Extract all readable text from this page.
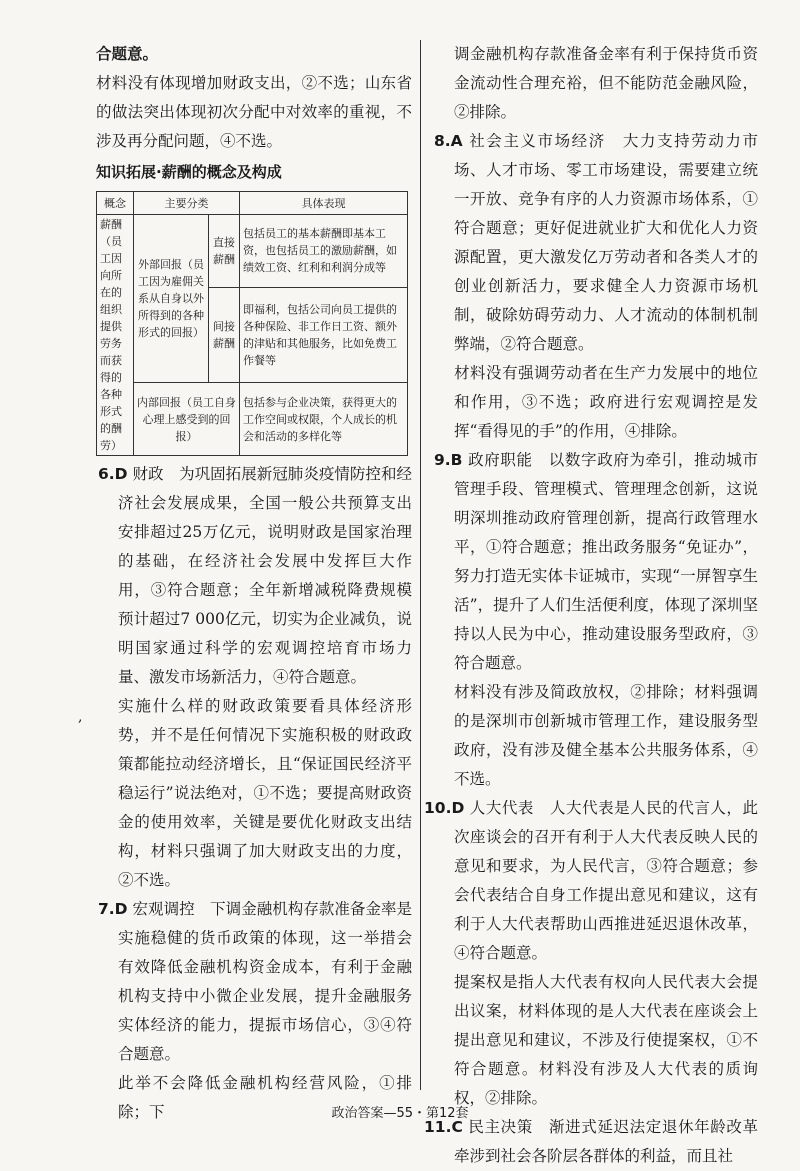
,

合题意。

材料没有体现增加财政支出，②不选；山东省的做法突出体现初次分配中对效率的重视，不涉及再分配问题，④不选。

知识拓展·薪酬的概念及构成
概念	主要分类		具体表现
薪酬（员工因向所在的组织提供劳务而获得的各种形式的酬劳）	外部回报（员工因为雇佣关系从自身以外所得到的各种形式的回报）	直接薪酬	包括员工的基本薪酬即基本工资，也包括员工的激励薪酬，如绩效工资、红利和利润分成等
		间接薪酬	即福利，包括公司向员工提供的各种保险、非工作日工资、额外的津贴和其他服务，比如免费工作餐等
	内部回报（员工自身心理上感受到的回报）		包括参与企业决策，获得更大的工作空间或权限，个人成长的机会和活动的多样化等

6.D 财政　为巩固拓展新冠肺炎疫情防控和经济社会发展成果，全国一般公共预算支出安排超过25万亿元，说明财政是国家治理的基础，在经济社会发展中发挥巨大作用，③符合题意；全年新增减税降费规模预计超过7 000亿元，切实为企业减负，说明国家通过科学的宏观调控培育市场力量、激发市场新活力，④符合题意。

实施什么样的财政政策要看具体经济形势，并不是任何情况下实施积极的财政政策都能拉动经济增长，且“保证国民经济平稳运行”说法绝对，①不选；要提高财政资金的使用效率，关键是要优化财政支出结构，材料只强调了加大财政支出的力度，②不选。

7.D 宏观调控　下调金融机构存款准备金率是实施稳健的货币政策的体现，这一举措会有效降低金融机构资金成本，有利于金融机构支持中小微企业发展，提升金融服务实体经济的能力，提振市场信心，③④符合题意。

此举不会降低金融机构经营风险，①排除；下

调金融机构存款准备金率有利于保持货币资金流动性合理充裕，但不能防范金融风险，②排除。

8.A 社会主义市场经济　大力支持劳动力市场、人才市场、零工市场建设，需要建立统一开放、竞争有序的人力资源市场体系，①符合题意；更好促进就业扩大和优化人力资源配置，更大激发亿万劳动者和各类人才的创业创新活力，要求健全人力资源市场机制，破除妨碍劳动力、人才流动的体制机制弊端，②符合题意。

材料没有强调劳动者在生产力发展中的地位和作用，③不选；政府进行宏观调控是发挥“看得见的手”的作用，④排除。

9.B 政府职能　以数字政府为牵引，推动城市管理手段、管理模式、管理理念创新，这说明深圳推动政府管理创新，提高行政管理水平，①符合题意；推出政务服务“免证办”，努力打造无实体卡证城市，实现“一屏智享生活”，提升了人们生活便利度，体现了深圳坚持以人民为中心，推动建设服务型政府，③符合题意。

材料没有涉及简政放权，②排除；材料强调的是深圳市创新城市管理工作，建设服务型政府，没有涉及健全基本公共服务体系，④不选。

10.D 人大代表　人大代表是人民的代言人，此次座谈会的召开有利于人大代表反映人民的意见和要求，为人民代言，③符合题意；参会代表结合自身工作提出意见和建议，这有利于人大代表帮助山西推进延迟退休改革，④符合题意。

提案权是指人大代表有权向人民代表大会提出议案，材料体现的是人大代表在座谈会上提出意见和建议，不涉及行使提案权，①不符合题意。材料没有涉及人大代表的质询权，②排除。

11.C 民主决策　渐进式延迟法定退休年龄改革牵涉到社会各阶层各群体的利益，而且社

政治答案—55・第12套
